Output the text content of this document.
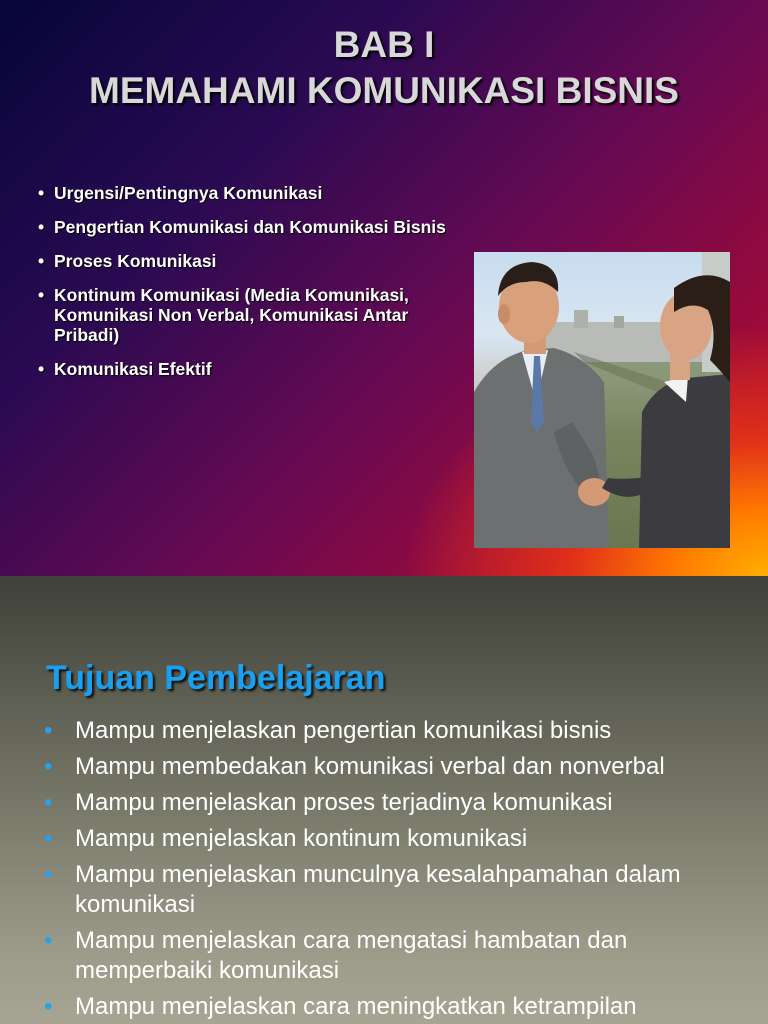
BAB I
MEMAHAMI KOMUNIKASI BISNIS
• Urgensi/Pentingnya Komunikasi
• Pengertian Komunikasi dan Komunikasi Bisnis
• Proses Komunikasi
• Kontinum Komunikasi (Media Komunikasi, Komunikasi Non Verbal, Komunikasi Antar Pribadi)
• Komunikasi Efektif
Tujuan Pembelajaran
• Mampu menjelaskan pengertian komunikasi bisnis
• Mampu membedakan komunikasi verbal dan nonverbal
• Mampu menjelaskan proses terjadinya komunikasi
• Mampu menjelaskan kontinum komunikasi
• Mampu menjelaskan munculnya kesalahpamahan dalam komunikasi
• Mampu menjelaskan cara mengatasi hambatan dan memperbaiki komunikasi
• Mampu menjelaskan cara meningkatkan ketrampilan
